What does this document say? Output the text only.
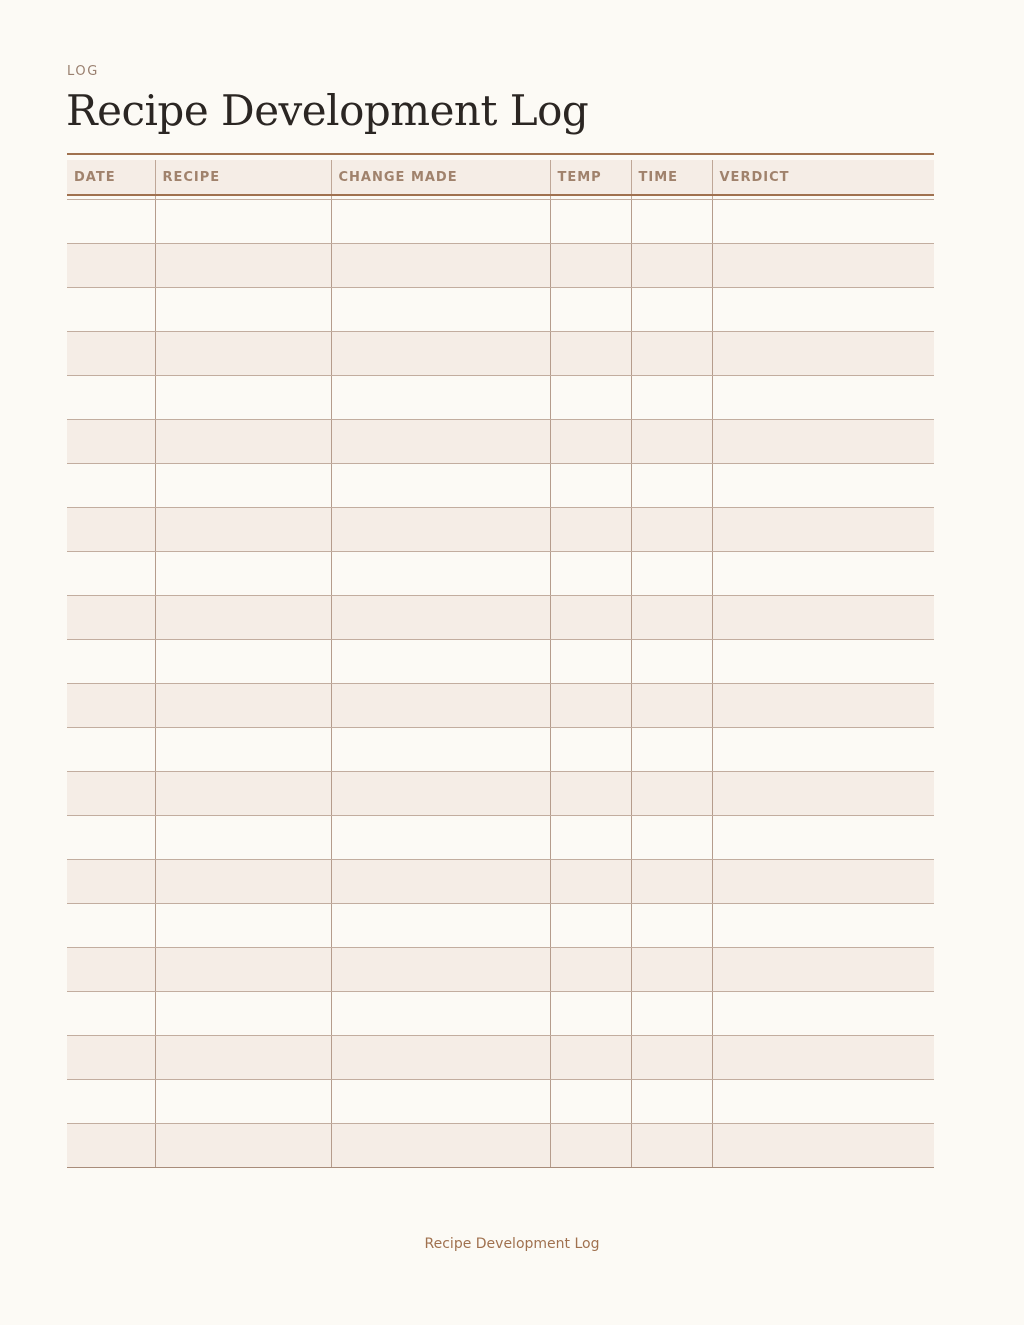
LOG
Recipe Development Log
DATE	RECIPE	CHANGE MADE	TEMP	TIME	VERDICT

Recipe Development Log
